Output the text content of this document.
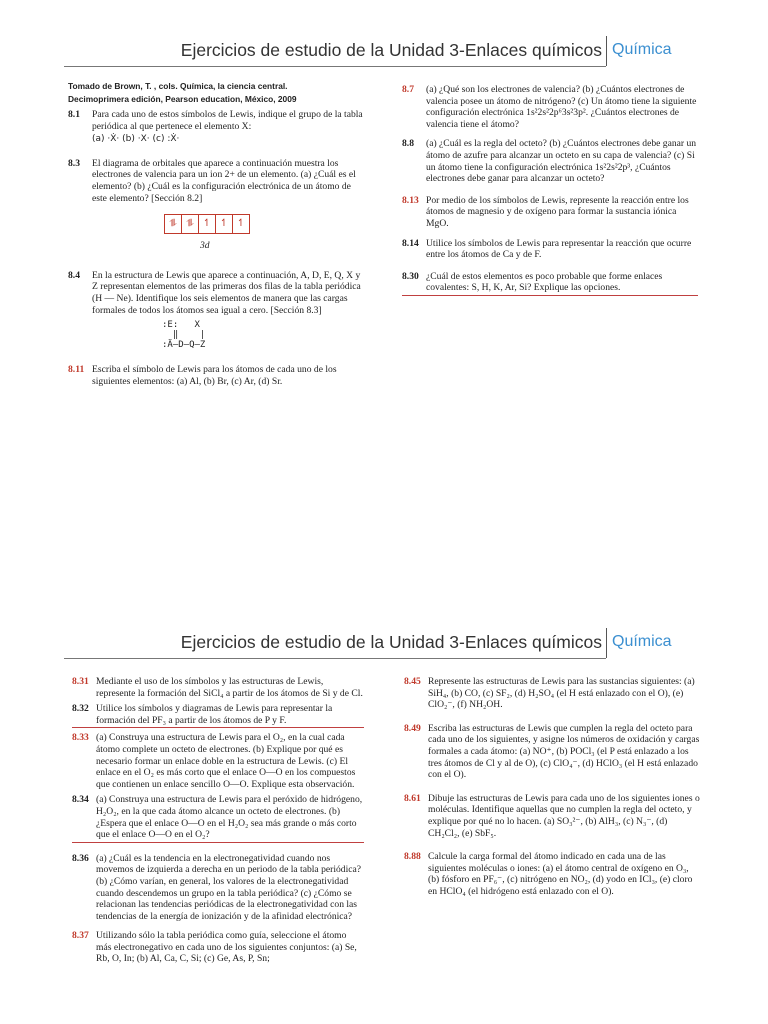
Ejercicios de estudio de la Unidad 3-Enlaces químicos Química
Tomado de Brown, T. , cols. Química, la ciencia central.
Decimoprimera edición, Pearson education, México, 2009
8.1 Para cada uno de estos símbolos de Lewis, indique el grupo de la tabla periódica al que pertenece el elemento X:
(a) ·Ẋ· (b) ·X· (c) :Ẋ·
8.3 El diagrama de orbitales que aparece a continuación muestra los electrones de valencia para un ion 2+ de un elemento. (a) ¿Cuál es el elemento? (b) ¿Cuál es la configuración electrónica de un átomo de este elemento? [Sección 8.2]
⥮ ⥮ ↿ ↿ ↿
3d
8.4 En la estructura de Lewis que aparece a continuación, A, D, E, Q, X y Z representan elementos de las primeras dos filas de la tabla periódica (H — Ne). Identifique los seis elementos de manera que las cargas formales de todos los átomos sea igual a cero. [Sección 8.3]
:E:   X
‖    |
:Ä—D—Q—Z
8.11 Escriba el símbolo de Lewis para los átomos de cada uno de los siguientes elementos: (a) Al, (b) Br, (c) Ar, (d) Sr.
8.7 (a) ¿Qué son los electrones de valencia? (b) ¿Cuántos electrones de valencia posee un átomo de nitrógeno? (c) Un átomo tiene la siguiente configuración electrónica 1s²2s²2p⁶3s²3p². ¿Cuántos electrones de valencia tiene el átomo?
8.8 (a) ¿Cuál es la regla del octeto? (b) ¿Cuántos electrones debe ganar un átomo de azufre para alcanzar un octeto en su capa de valencia? (c) Si un átomo tiene la configuración electrónica 1s²2s²2p³, ¿Cuántos electrones debe ganar para alcanzar un octeto?
8.13 Por medio de los símbolos de Lewis, represente la reacción entre los átomos de magnesio y de oxígeno para formar la sustancia iónica MgO.
8.14 Utilice los símbolos de Lewis para representar la reacción que ocurre entre los átomos de Ca y de F.
8.30 ¿Cuál de estos elementos es poco probable que forme enlaces covalentes: S, H, K, Ar, Si? Explique las opciones.
Ejercicios de estudio de la Unidad 3-Enlaces químicos Química
8.31 Mediante el uso de los símbolos y las estructuras de Lewis, represente la formación del SiCl₄ a partir de los átomos de Si y de Cl.
8.32 Utilice los símbolos y diagramas de Lewis para representar la formación del PF₃ a partir de los átomos de P y F.
8.33 (a) Construya una estructura de Lewis para el O₂, en la cual cada átomo complete un octeto de electrones. (b) Explique por qué es necesario formar un enlace doble en la estructura de Lewis. (c) El enlace en el O₂ es más corto que el enlace O—O en los compuestos que contienen un enlace sencillo O—O. Explique esta observación.
8.34 (a) Construya una estructura de Lewis para el peróxido de hidrógeno, H₂O₂, en la que cada átomo alcance un octeto de electrones. (b) ¿Espera que el enlace O—O en el H₂O₂ sea más grande o más corto que el enlace O—O en el O₂?
8.36 (a) ¿Cuál es la tendencia en la electronegatividad cuando nos movemos de izquierda a derecha en un periodo de la tabla periódica? (b) ¿Cómo varían, en general, los valores de la electronegatividad cuando descendemos un grupo en la tabla periódica? (c) ¿Cómo se relacionan las tendencias periódicas de la electronegatividad con las tendencias de la energía de ionización y de la afinidad electrónica?
8.37 Utilizando sólo la tabla periódica como guía, seleccione el átomo más electronegativo en cada uno de los siguientes conjuntos: (a) Se, Rb, O, In; (b) Al, Ca, C, Si; (c) Ge, As, P, Sn;
8.45 Represente las estructuras de Lewis para las sustancias siguientes: (a) SiH₄, (b) CO, (c) SF₂, (d) H₂SO₄ (el H está enlazado con el O), (e) ClO₂⁻, (f) NH₂OH.
8.49 Escriba las estructuras de Lewis que cumplen la regla del octeto para cada uno de los siguientes, y asigne los números de oxidación y cargas formales a cada átomo: (a) NO⁺, (b) POCl₃ (el P está enlazado a los tres átomos de Cl y al de O), (c) ClO₄⁻, (d) HClO₃ (el H está enlazado con el O).
8.61 Dibuje las estructuras de Lewis para cada uno de los siguientes iones o moléculas. Identifique aquellas que no cumplen la regla del octeto, y explique por qué no lo hacen. (a) SO₃²⁻, (b) AlH₃, (c) N₃⁻, (d) CH₂Cl₂, (e) SbF₅.
8.88 Calcule la carga formal del átomo indicado en cada una de las siguientes moléculas o iones: (a) el átomo central de oxígeno en O₃, (b) fósforo en PF₆⁻, (c) nitrógeno en NO₂, (d) yodo en ICl₃, (e) cloro en HClO₄ (el hidrógeno está enlazado con el O).
